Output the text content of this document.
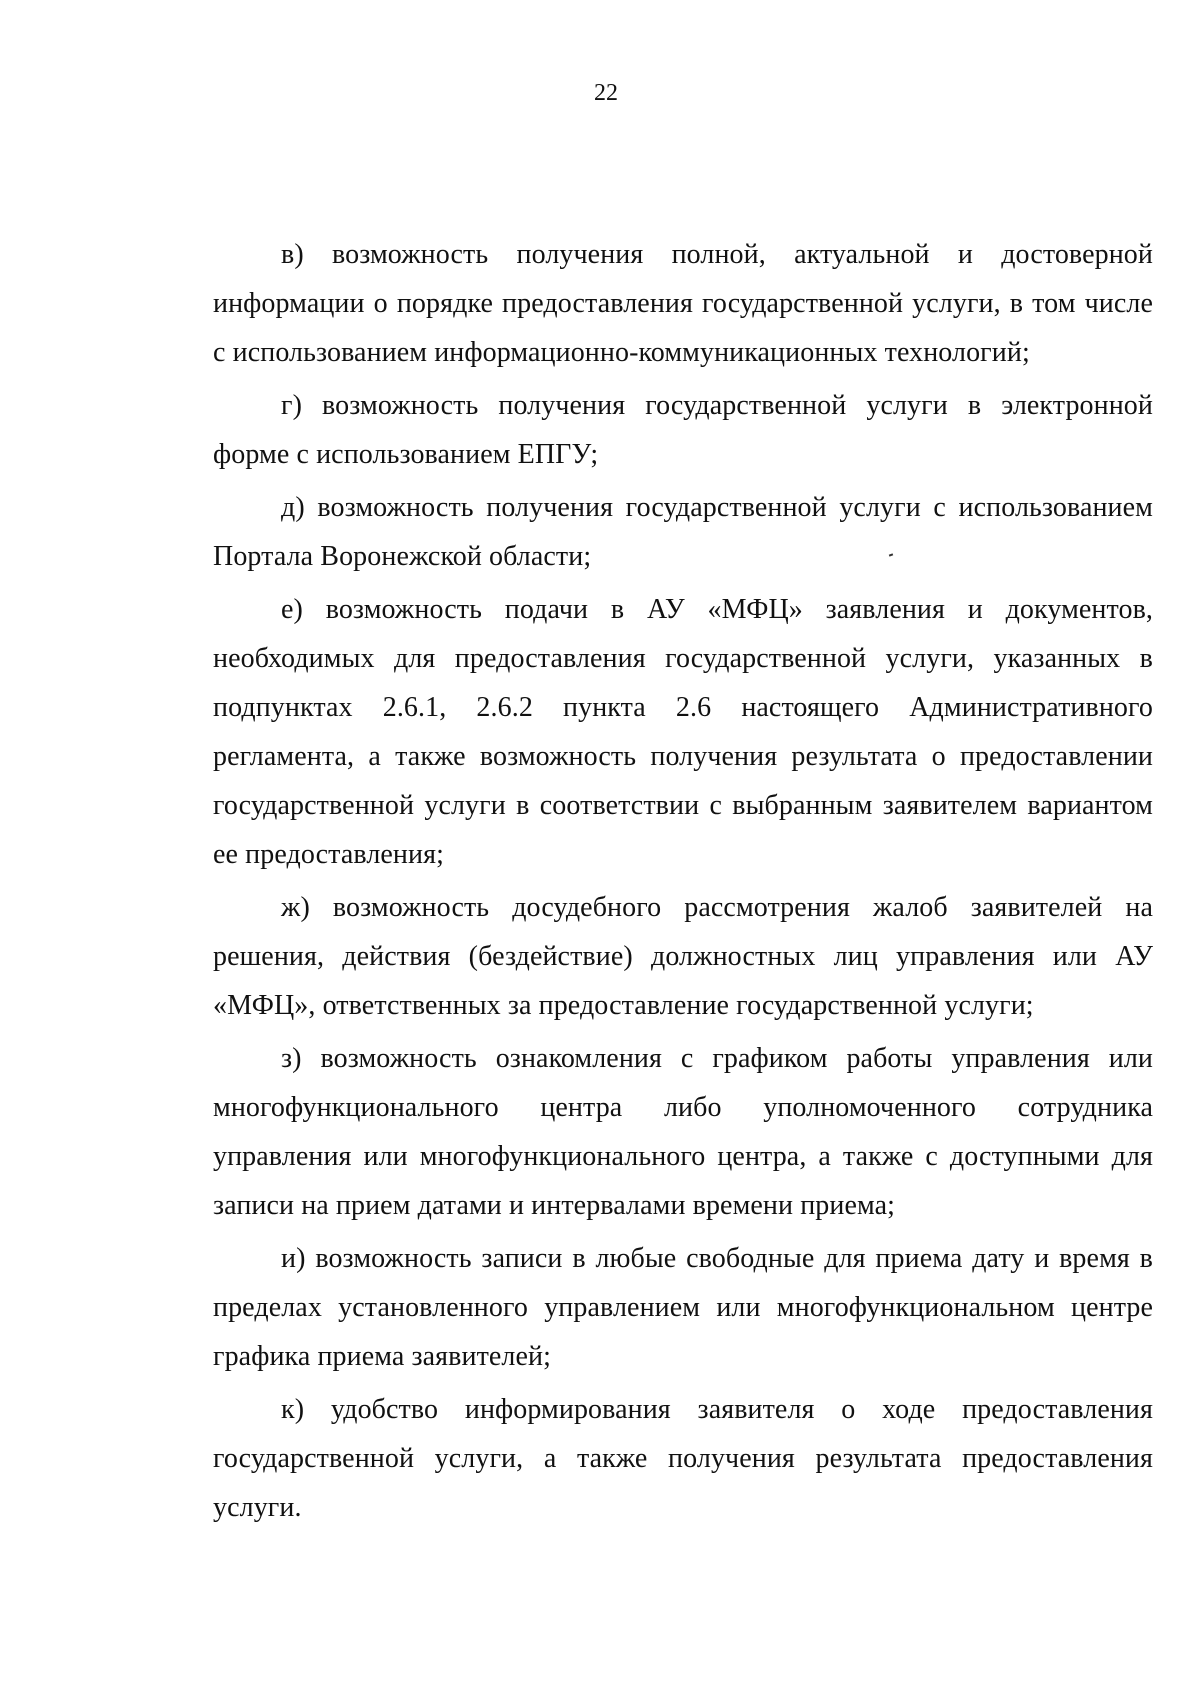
22

в) возможность получения полной, актуальной и достоверной информации о порядке предоставления государственной услуги, в том числе с использованием информационно-коммуникационных технологий;

г) возможность получения государственной услуги в электронной форме с использованием ЕПГУ;

д) возможность получения государственной услуги с использованием Портала Воронежской области;

е) возможность подачи в АУ «МФЦ» заявления и документов, необходимых для предоставления государственной услуги, указанных в подпунктах 2.6.1, 2.6.2 пункта 2.6 настоящего Административного регламента, а также возможность получения результата о предоставлении государственной услуги в соответствии с выбранным заявителем вариантом ее предоставления;

ж) возможность досудебного рассмотрения жалоб заявителей на решения, действия (бездействие) должностных лиц управления или АУ «МФЦ», ответственных за предоставление государственной услуги;

з) возможность ознакомления с графиком работы управления или многофункционального центра либо уполномоченного сотрудника управления или многофункционального центра, а также с доступными для записи на прием датами и интервалами времени приема;

и) возможность записи в любые свободные для приема дату и время в пределах установленного управлением или многофункциональном центре графика приема заявителей;

к) удобство информирования заявителя о ходе предоставления государственной услуги, а также получения результата предоставления услуги.
